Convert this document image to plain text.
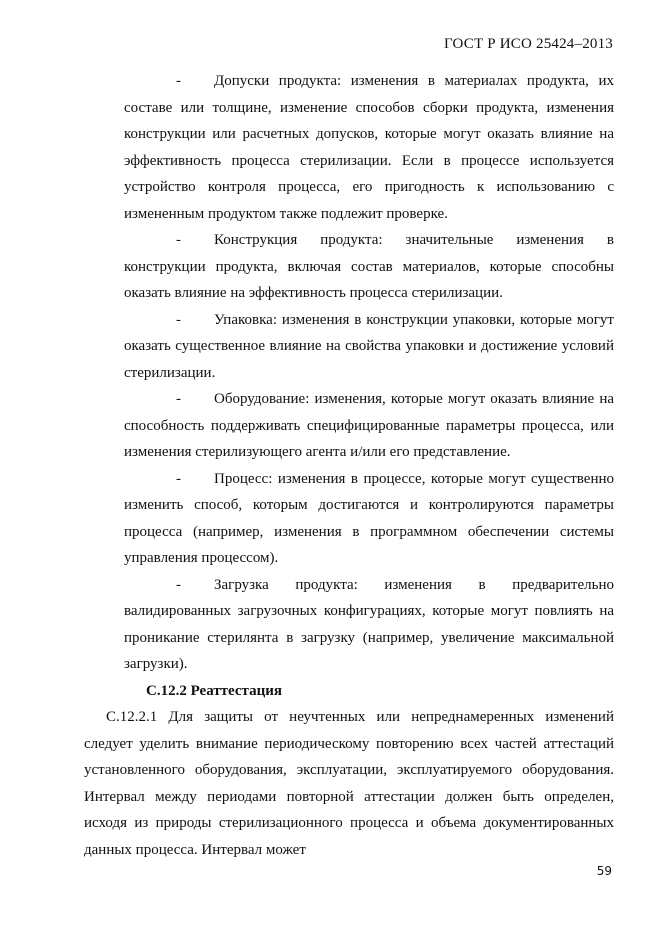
ГОСТ Р ИСО 25424–2013

- Допуски продукта: изменения в материалах продукта, их составе или толщине, изменение способов сборки продукта, изменения конструкции или расчетных допусков, которые могут оказать влияние на эффективность процесса стерилизации. Если в процессе используется устройство контроля процесса, его пригодность к использованию с измененным продуктом также подлежит проверке.

- Конструкция продукта: значительные изменения в конструкции продукта, включая состав материалов, которые способны оказать влияние на эффективность процесса стерилизации.

- Упаковка: изменения в конструкции упаковки, которые могут оказать существенное влияние на свойства упаковки и достижение условий стерилизации.

- Оборудование: изменения, которые могут оказать влияние на способность поддерживать специфицированные параметры процесса, или изменения стерилизующего агента и/или его представление.

- Процесс: изменения в процессе, которые могут существенно изменить способ, которым достигаются и контролируются параметры процесса (например, изменения в программном обеспечении системы управления процессом).

- Загрузка продукта: изменения в предварительно валидированных загрузочных конфигурациях, которые могут повлиять на проникание стерилянта в загрузку (например, увеличение максимальной загрузки).

С.12.2 Реаттестация

С.12.2.1 Для защиты от неучтенных или непреднамеренных изменений следует уделить внимание периодическому повторению всех частей аттестаций установленного оборудования, эксплуатации, эксплуатируемого оборудования. Интервал между периодами повторной аттестации должен быть определен, исходя из природы стерилизационного процесса и объема документированных данных процесса. Интервал может

59
